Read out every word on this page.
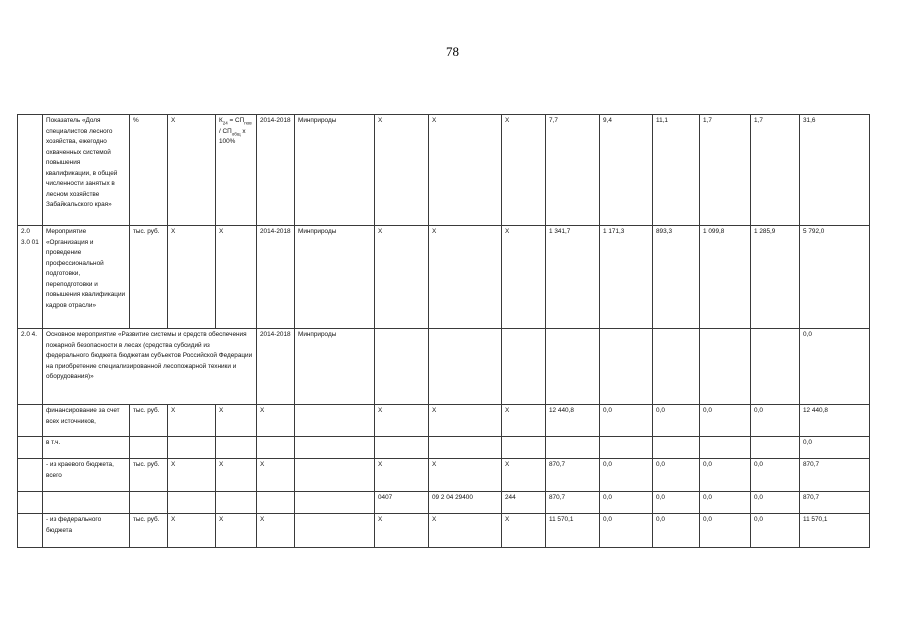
78
	Показатель «Доля специалистов лесного хозяйства, ежегодно охваченных системой повышения квалификации, в общей численности занятых в лесном хозяйстве Забайкальского края»	%	Х	$К_{24} = СП_{пов} / СП_{общ}$ х 100%	2014-2018	Минприроды	Х	Х	Х	7,7	9,4	11,1	1,7	1,7	31,6
2.0 3.0 01	Мероприятие «Организация и проведение профессиональной подготовки, переподготовки и повышения квалификации кадров отрасли»	тыс. руб.	Х	Х	2014-2018	Минприроды	Х	Х	Х	1 341,7	1 171,3	893,3	1 099,8	1 285,9	5 792,0
2.0 4.	Основное мероприятие «Развитие системы и средств обеспечения пожарной безопасности в лесах (средства субсидий из федерального бюджета бюджетам субъектов Российской Федерации на приобретение специализированной лесопожарной техники и оборудования)»				2014-2018	Минприроды									0,0
	финансирование за счет всех источников,	тыс. руб.	Х	Х	Х		Х	Х	Х	12 440,8	0,0	0,0	0,0	0,0	12 440,8
	в т.ч.														0,0
	- из краевого бюджета, всего	тыс. руб.	Х	Х	Х		Х	Х	Х	870,7	0,0	0,0	0,0	0,0	870,7
							0407	09 2 04 29400	244	870,7	0,0	0,0	0,0	0,0	870,7
	- из федерального бюджета	тыс. руб.	Х	Х	Х		Х	Х	Х	11 570,1	0,0	0,0	0,0	0,0	11 570,1
